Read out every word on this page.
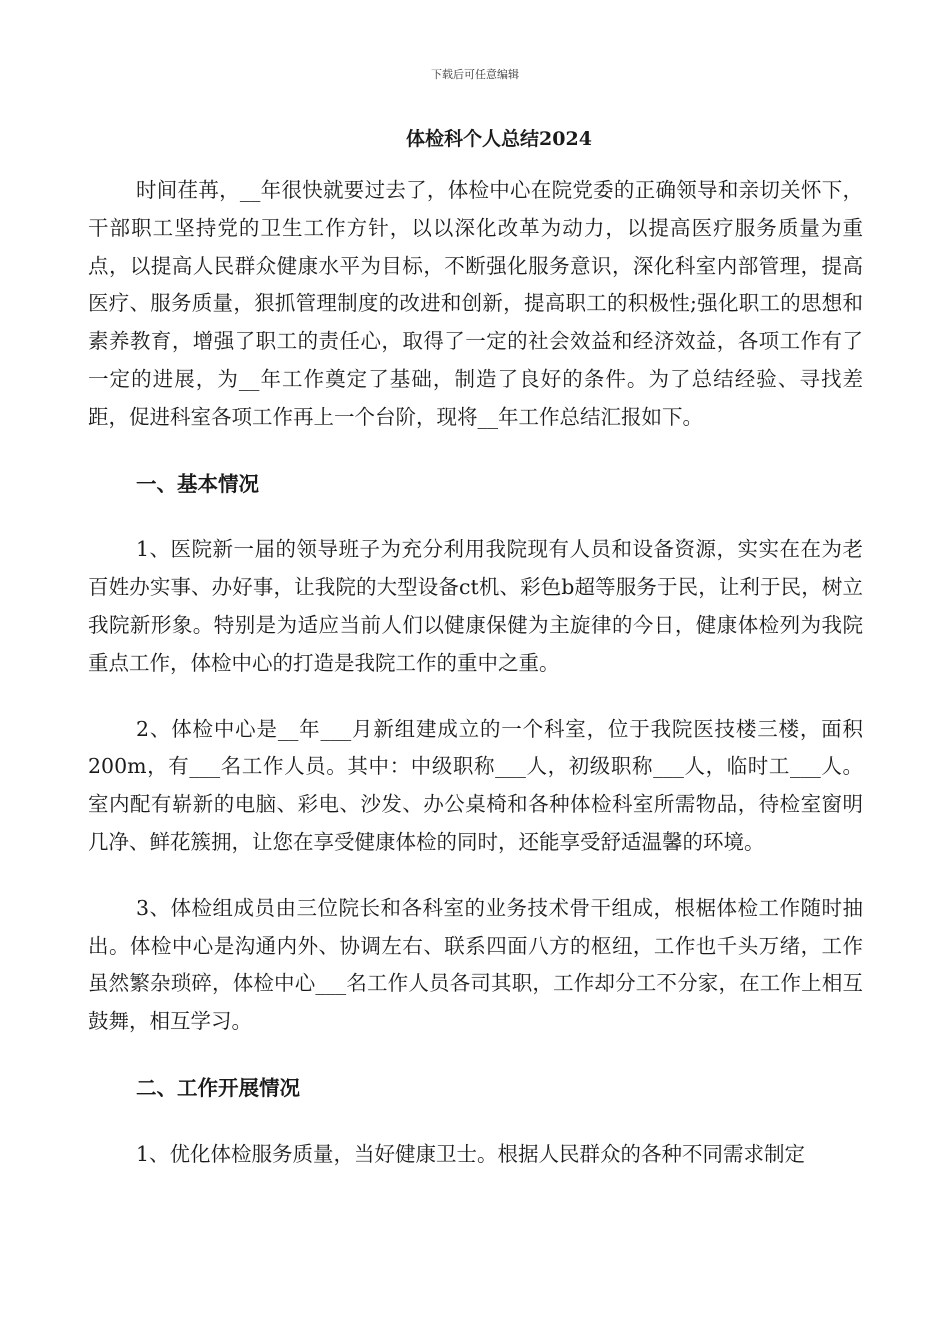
下载后可任意编辑
体检科个人总结2024

时间荏苒，__年很快就要过去了，体检中心在院党委的正确领导和亲切关怀下，干部职工坚持党的卫生工作方针，以以深化改革为动力，以提高医疗服务质量为重点，以提高人民群众健康水平为目标，不断强化服务意识，深化科室内部管理，提高医疗、服务质量，狠抓管理制度的改进和创新，提高职工的积极性;强化职工的思想和素养教育，增强了职工的责任心，取得了一定的社会效益和经济效益，各项工作有了一定的进展，为__年工作奠定了基础，制造了良好的条件。为了总结经验、寻找差距，促进科室各项工作再上一个台阶，现将__年工作总结汇报如下。

一、基本情况

1、医院新一届的领导班子为充分利用我院现有人员和设备资源，实实在在为老百姓办实事、办好事，让我院的大型设备ct机、彩色b超等服务于民，让利于民，树立我院新形象。特别是为适应当前人们以健康保健为主旋律的今日，健康体检列为我院重点工作，体检中心的打造是我院工作的重中之重。

2、体检中心是__年___月新组建成立的一个科室，位于我院医技楼三楼，面积200m，有___名工作人员。其中：中级职称___人，初级职称___人，临时工___人。室内配有崭新的电脑、彩电、沙发、办公桌椅和各种体检科室所需物品，待检室窗明几净、鲜花簇拥，让您在享受健康体检的同时，还能享受舒适温馨的环境。

3、体检组成员由三位院长和各科室的业务技术骨干组成，根椐体检工作随时抽出。体检中心是沟通内外、协调左右、联系四面八方的枢纽，工作也千头万绪，工作虽然繁杂琐碎，体检中心___名工作人员各司其职，工作却分工不分家，在工作上相互鼓舞，相互学习。

二、工作开展情况

1、优化体检服务质量，当好健康卫士。根据人民群众的各种不同需求制定
